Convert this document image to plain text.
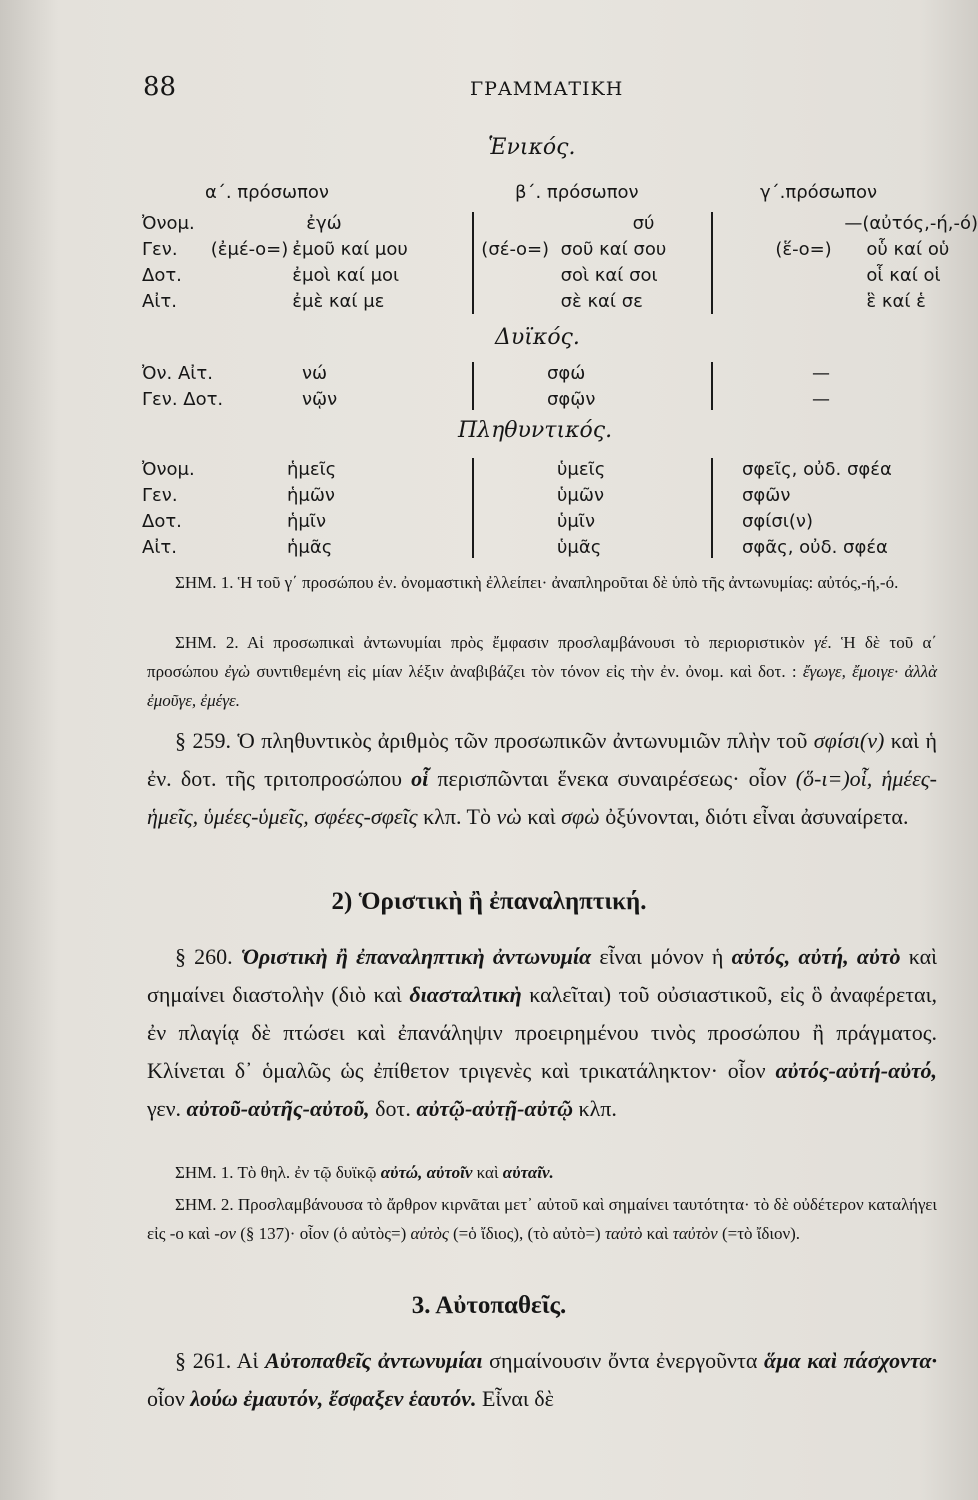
88	ΓΡΑΜΜΑΤΙΚΗ
Ἑνικός.
α΄. πρόσωπον	β΄. πρόσωπον	γ΄.πρόσωπον
Ὀνομ.		ἐγώ		σύ		—(αὐτός,-ή,-ό)
Γεν.	(ἐμέ-ο=)	ἐμοῦ καί μου	(σέ-ο=)	σοῦ καί σου	(ἕ-ο=)	οὗ καί οὑ
Δοτ.		ἐμοὶ καί μοι		σοὶ καί σοι		οἷ καί οἱ
Αἰτ.		ἐμὲ καί με		σὲ καί σε		ἓ καί ἑ
Δυϊκός.
Ὀν. Αἰτ.	νώ	σφώ	—
Γεν. Δοτ.	νῷν	σφῷν	—
Πληθυντικός.
Ὀνομ.	ἡμεῖς	ὑμεῖς	σφεῖς, οὐδ. σφέα
Γεν.	ἡμῶν	ὑμῶν	σφῶν
Δοτ.	ἡμῖν	ὑμῖν	σφίσι(ν)
Αἰτ.	ἡμᾶς	ὑμᾶς	σφᾶς, οὐδ. σφέα

ΣΗΜ. 1. Ἡ τοῦ γ΄ προσώπου ἐν. ὀνομαστικὴ ἐλλείπει· ἀναπληροῦται δὲ ὑπὸ τῆς ἀντωνυμίας: αὐτός,-ή,-ό.

ΣΗΜ. 2. Αἱ προσωπικαὶ ἀντωνυμίαι πρὸς ἔμφασιν προσλαμβάνουσι τὸ περιοριστικὸν γέ. Ἡ δὲ τοῦ α΄ προσώπου ἐγὼ συντιθεμένη εἰς μίαν λέξιν ἀναβιβάζει τὸν τόνον εἰς τὴν ἐν. ὀνομ. καὶ δοτ. : ἔγωγε, ἔμοιγε· ἀλλὰ ἐμοῦγε, ἐμέγε.

§ 259. Ὁ πληθυντικὸς ἀριθμὸς τῶν προσωπικῶν ἀντωνυμιῶν πλὴν τοῦ σφίσι(ν) καὶ ἡ ἐν. δοτ. τῆς τριτοπροσώπου οἷ περισπῶνται ἕνεκα συναιρέσεως· οἷον (ὅ-ι=)οἷ, ἡμέες-ἡμεῖς, ὑμέες-ὑμεῖς, σφέες-σφεῖς κλπ. Τὸ νὼ καὶ σφὼ ὀξύνονται, διότι εἶναι ἀσυναίρετα.

2) Ὁριστικὴ ἢ ἐπαναληπτική.

§ 260. Ὁριστικὴ ἢ ἐπαναληπτικὴ ἀντωνυμία εἶναι μόνον ἡ αὐτός, αὐτή, αὐτὸ καὶ σημαίνει διαστολὴν (διὸ καὶ διασταλτικὴ καλεῖται) τοῦ οὐσιαστικοῦ, εἰς ὃ ἀναφέρεται, ἐν πλαγίᾳ δὲ πτώσει καὶ ἐπανάληψιν προειρημένου τινὸς προσώπου ἢ πράγματος. Κλίνεται δ᾿ ὁμαλῶς ὡς ἐπίθετον τριγενὲς καὶ τρικατάληκτον· οἷον αὐτός-αὐτή-αὐτό, γεν. αὐτοῦ-αὐτῆς-αὐτοῦ, δοτ. αὐτῷ-αὐτῇ-αὐτῷ κλπ.

ΣΗΜ. 1. Τὸ θηλ. ἐν τῷ δυϊκῷ αὐτώ, αὐτοῖν καὶ αὐταῖν.

ΣΗΜ. 2. Προσλαμβάνουσα τὸ ἄρθρον κιρνᾶται μετ᾿ αὐτοῦ καὶ σημαίνει ταυτότητα· τὸ δὲ οὐδέτερον καταλήγει εἰς -ο καὶ -ον (§ 137)· οἷον (ὁ αὐτὸς=) αὐτὸς (=ὁ ἴδιος), (τὸ αὐτὸ=) ταὐτὸ καὶ ταὐτὸν (=τὸ ἴδιον).

3. Αὐτοπαθεῖς.

§ 261. Αἱ Αὐτοπαθεῖς ἀντωνυμίαι σημαίνουσιν ὄντα ἐνεργοῦντα ἅμα καὶ πάσχοντα· οἷον λούω ἐμαυτόν, ἔσφαξεν ἑαυτόν. Εἶναι δὲ
